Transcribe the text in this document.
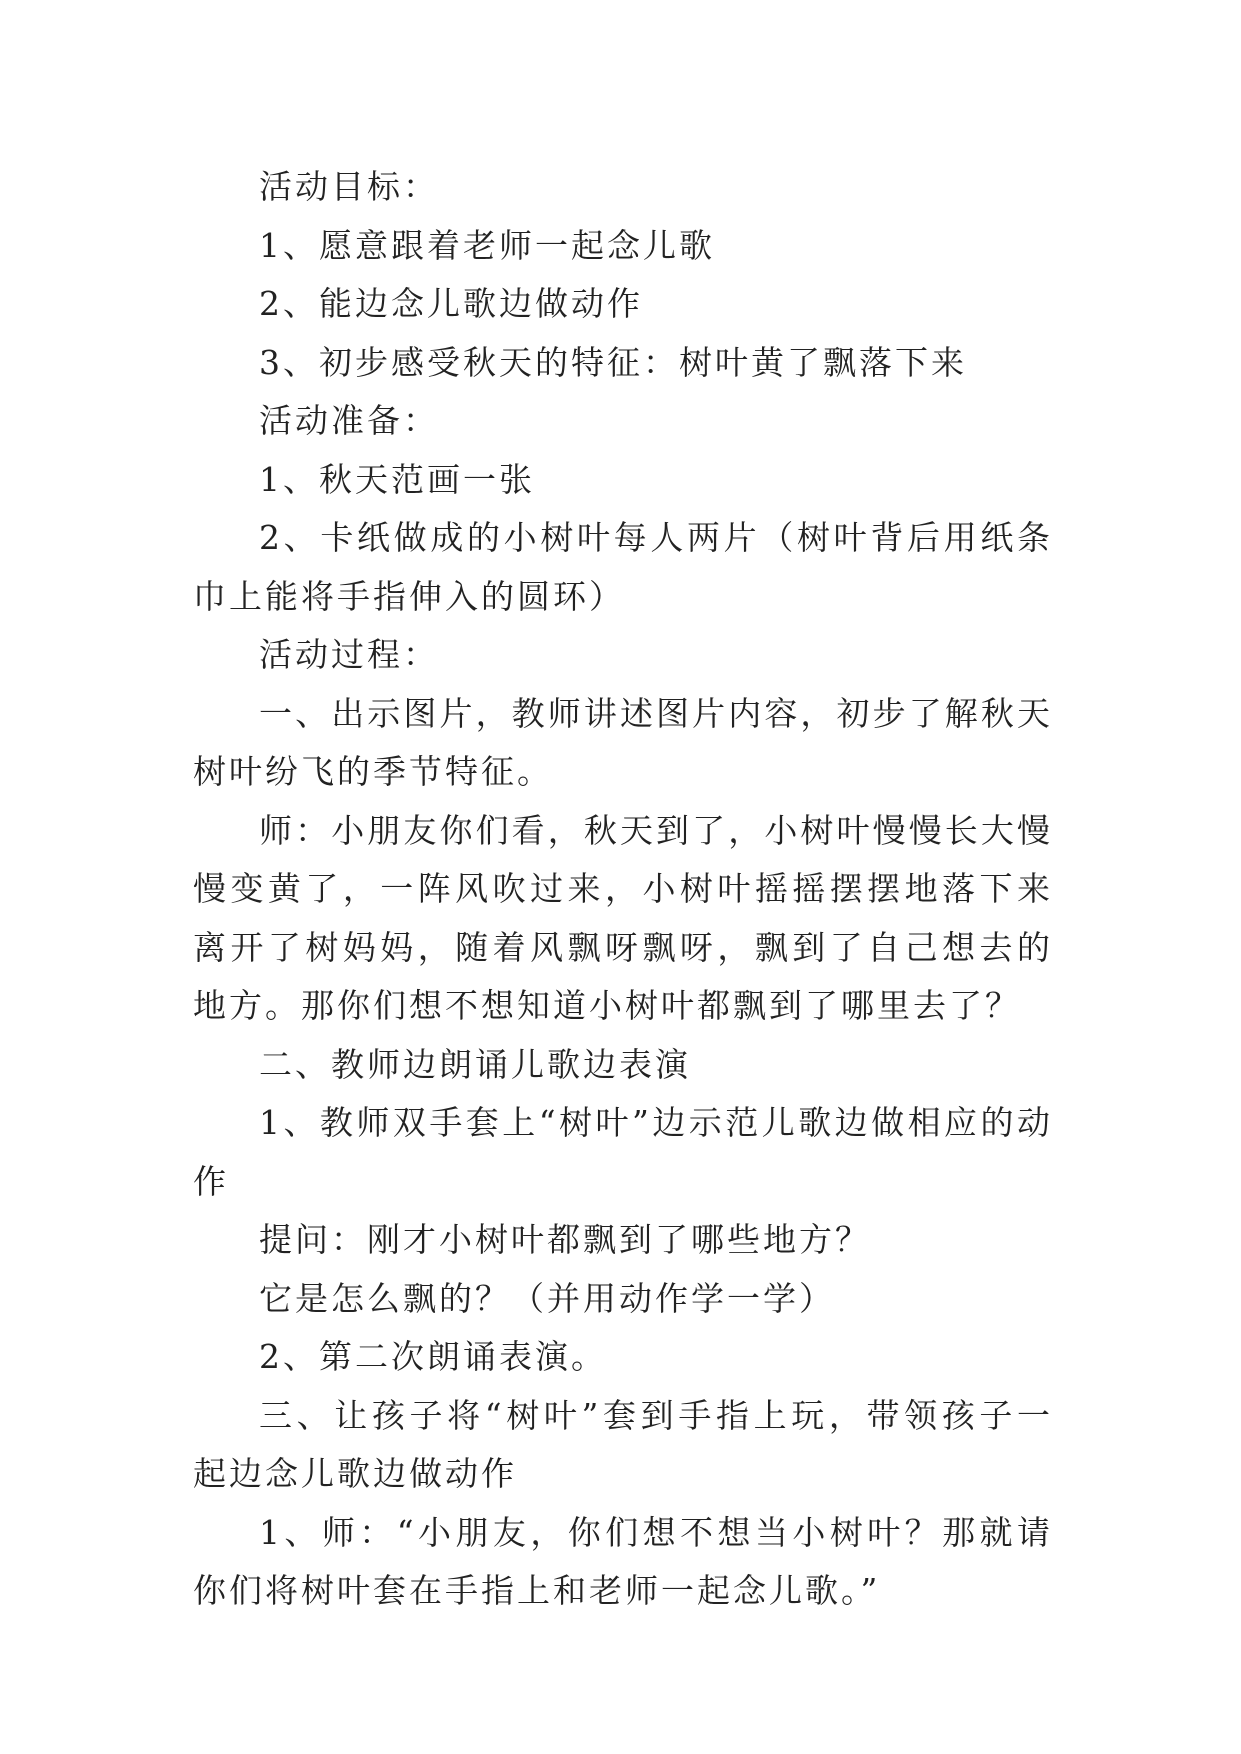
活动目标：

1、愿意跟着老师一起念儿歌

2、能边念儿歌边做动作

3、初步感受秋天的特征：树叶黄了飘落下来

活动准备：

1、秋天范画一张

2、卡纸做成的小树叶每人两片（树叶背后用纸条巾上能将手指伸入的圆环）

活动过程：

一、出示图片，教师讲述图片内容，初步了解秋天树叶纷飞的季节特征。

师：小朋友你们看，秋天到了，小树叶慢慢长大慢慢变黄了，一阵风吹过来，小树叶摇摇摆摆地落下来离开了树妈妈，随着风飘呀飘呀，飘到了自己想去的地方。那你们想不想知道小树叶都飘到了哪里去了？

二、教师边朗诵儿歌边表演

1、教师双手套上“树叶”边示范儿歌边做相应的动作

提问：刚才小树叶都飘到了哪些地方？

它是怎么飘的？（并用动作学一学）

2、第二次朗诵表演。

三、让孩子将“树叶”套到手指上玩，带领孩子一起边念儿歌边做动作

1、师：“小朋友，你们想不想当小树叶？那就请你们将树叶套在手指上和老师一起念儿歌。”
